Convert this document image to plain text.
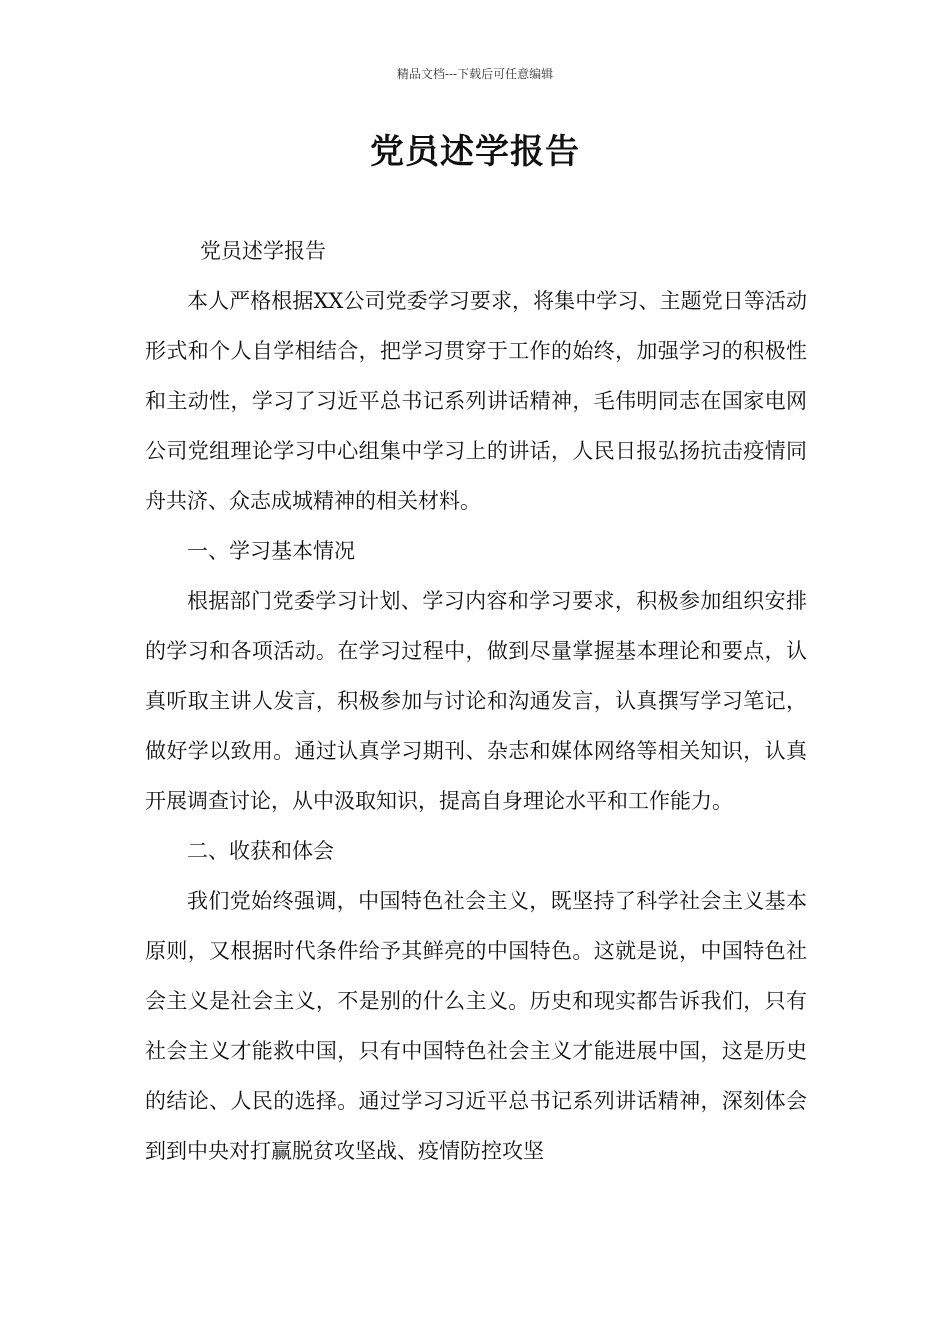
精品文档---下载后可任意编辑
党员述学报告

党员述学报告

本人严格根据XX公司党委学习要求，将集中学习、主题党日等活动形式和个人自学相结合，把学习贯穿于工作的始终，加强学习的积极性和主动性，学习了习近平总书记系列讲话精神，毛伟明同志在国家电网公司党组理论学习中心组集中学习上的讲话，人民日报弘扬抗击疫情同舟共济、众志成城精神的相关材料。

一、学习基本情况

根据部门党委学习计划、学习内容和学习要求，积极参加组织安排的学习和各项活动。在学习过程中，做到尽量掌握基本理论和要点，认真听取主讲人发言，积极参加与讨论和沟通发言，认真撰写学习笔记，做好学以致用。通过认真学习期刊、杂志和媒体网络等相关知识，认真开展调查讨论，从中汲取知识，提高自身理论水平和工作能力。

二、收获和体会

我们党始终强调，中国特色社会主义，既坚持了科学社会主义基本原则，又根据时代条件给予其鲜亮的中国特色。这就是说，中国特色社会主义是社会主义，不是别的什么主义。历史和现实都告诉我们，只有社会主义才能救中国，只有中国特色社会主义才能进展中国，这是历史的结论、人民的选择。通过学习习近平总书记系列讲话精神，深刻体会到到中央对打赢脱贫攻坚战、疫情防控攻坚
